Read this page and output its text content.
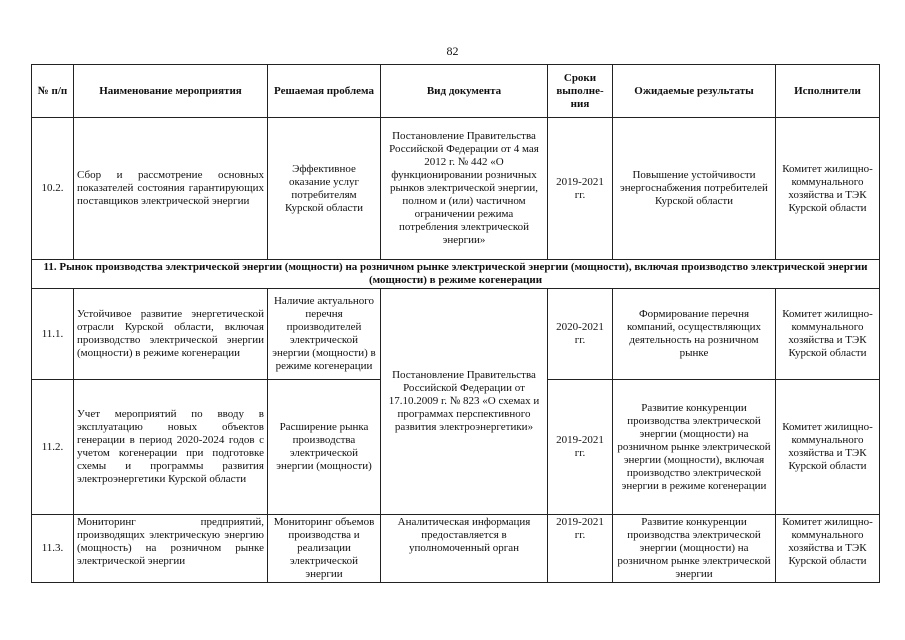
82
№ п/п	Наименование мероприятия	Решаемая проблема	Вид документа	Сроки выполне-ния	Ожидаемые результаты	Исполнители
10.2.	Сбор и рассмотрение основных показателей состояния гарантирующих поставщиков электрической энергии	Эффективное оказание услуг потребителям Курской области	Постановление Правительства Российской Федерации от 4 мая 2012 г. № 442 «О функционировании розничных рынков электрической энергии, полном и (или) частичном ограничении режима потребления электрической энергии»	2019-2021 гг.	Повышение устойчивости энергоснабжения потребителей Курской области	Комитет жилищно-коммунального хозяйства и ТЭК Курской области
11. Рынок производства электрической энергии (мощности) на розничном рынке электрической энергии (мощности), включая производство электрической энергии (мощности) в режиме когенерации						
11.1.	Устойчивое развитие энергетической отрасли Курской области, включая производство электрической энергии (мощности) в режиме когенерации	Наличие актуального перечня производителей электрической энергии (мощности) в режиме когенерации	Постановление Правительства Российской Федерации от 17.10.2009 г. № 823 «О схемах и программах перспективного развития электроэнергетики»	2020-2021 гг.	Формирование перечня компаний, осуществляющих деятельность на розничном рынке	Комитет жилищно-коммунального хозяйства и ТЭК Курской области
11.2.	Учет мероприятий по вводу в эксплуатацию новых объектов генерации в период 2020-2024 годов с учетом когенерации при подготовке схемы и программы развития электроэнергетики Курской области	Расширение рынка производства электрической энергии (мощности)		2019-2021 гг.	Развитие конкуренции производства электрической энергии (мощности) на розничном рынке электрической энергии (мощности), включая производство электрической энергии в режиме когенерации	Комитет жилищно-коммунального хозяйства и ТЭК Курской области
11.3.	Мониторинг предприятий, производящих электрическую энергию (мощность) на розничном рынке электрической энергии	Мониторинг объемов производства и реализации электрической энергии	Аналитическая информация предоставляется в уполномоченный орган	2019-2021 гг.	Развитие конкуренции производства электрической энергии (мощности) на розничном рынке электрической энергии	Комитет жилищно-коммунального хозяйства и ТЭК Курской области
